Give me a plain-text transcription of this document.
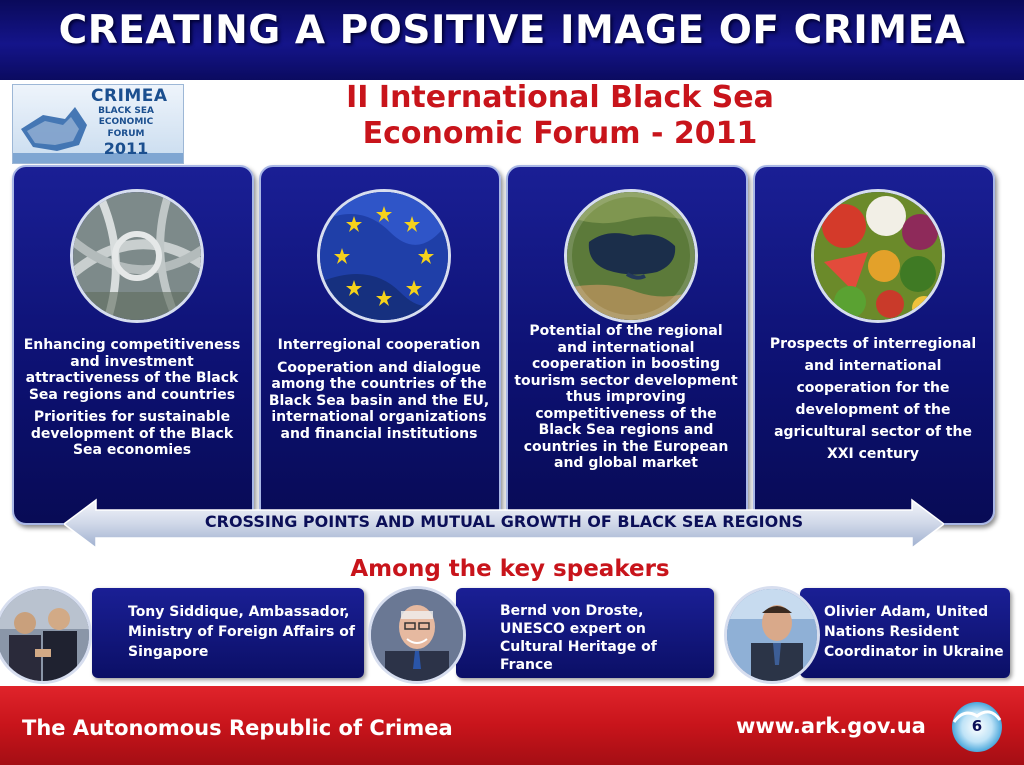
CREATING A POSITIVE IMAGE OF CRIMEA
CRIMEA
BLACK SEA
ECONOMIC
FORUM
2011
II International Black Sea
Economic Forum - 2011

Enhancing competitiveness and investment attractiveness of the Black Sea regions and countries

Priorities for sustainable development of the Black Sea economies

Interregional cooperation

Cooperation and dialogue among the countries of the Black Sea basin and the EU, international organizations and financial institutions

Potential of the regional and international cooperation in boosting tourism sector development thus improving competitiveness of the Black Sea regions and countries in the European and global market

Prospects of interregional and international cooperation for the development of the agricultural sector of the XXI century

CROSSING POINTS AND MUTUAL GROWTH OF BLACK SEA REGIONS
Among the key speakers
Tony Siddique, Ambassador, Ministry of Foreign Affairs of Singapore
Bernd von Droste, UNESCO expert on Cultural Heritage of France
Olivier Adam, United Nations Resident Coordinator in Ukraine
The Autonomous Republic of Crimea	www.ark.gov.ua	6
